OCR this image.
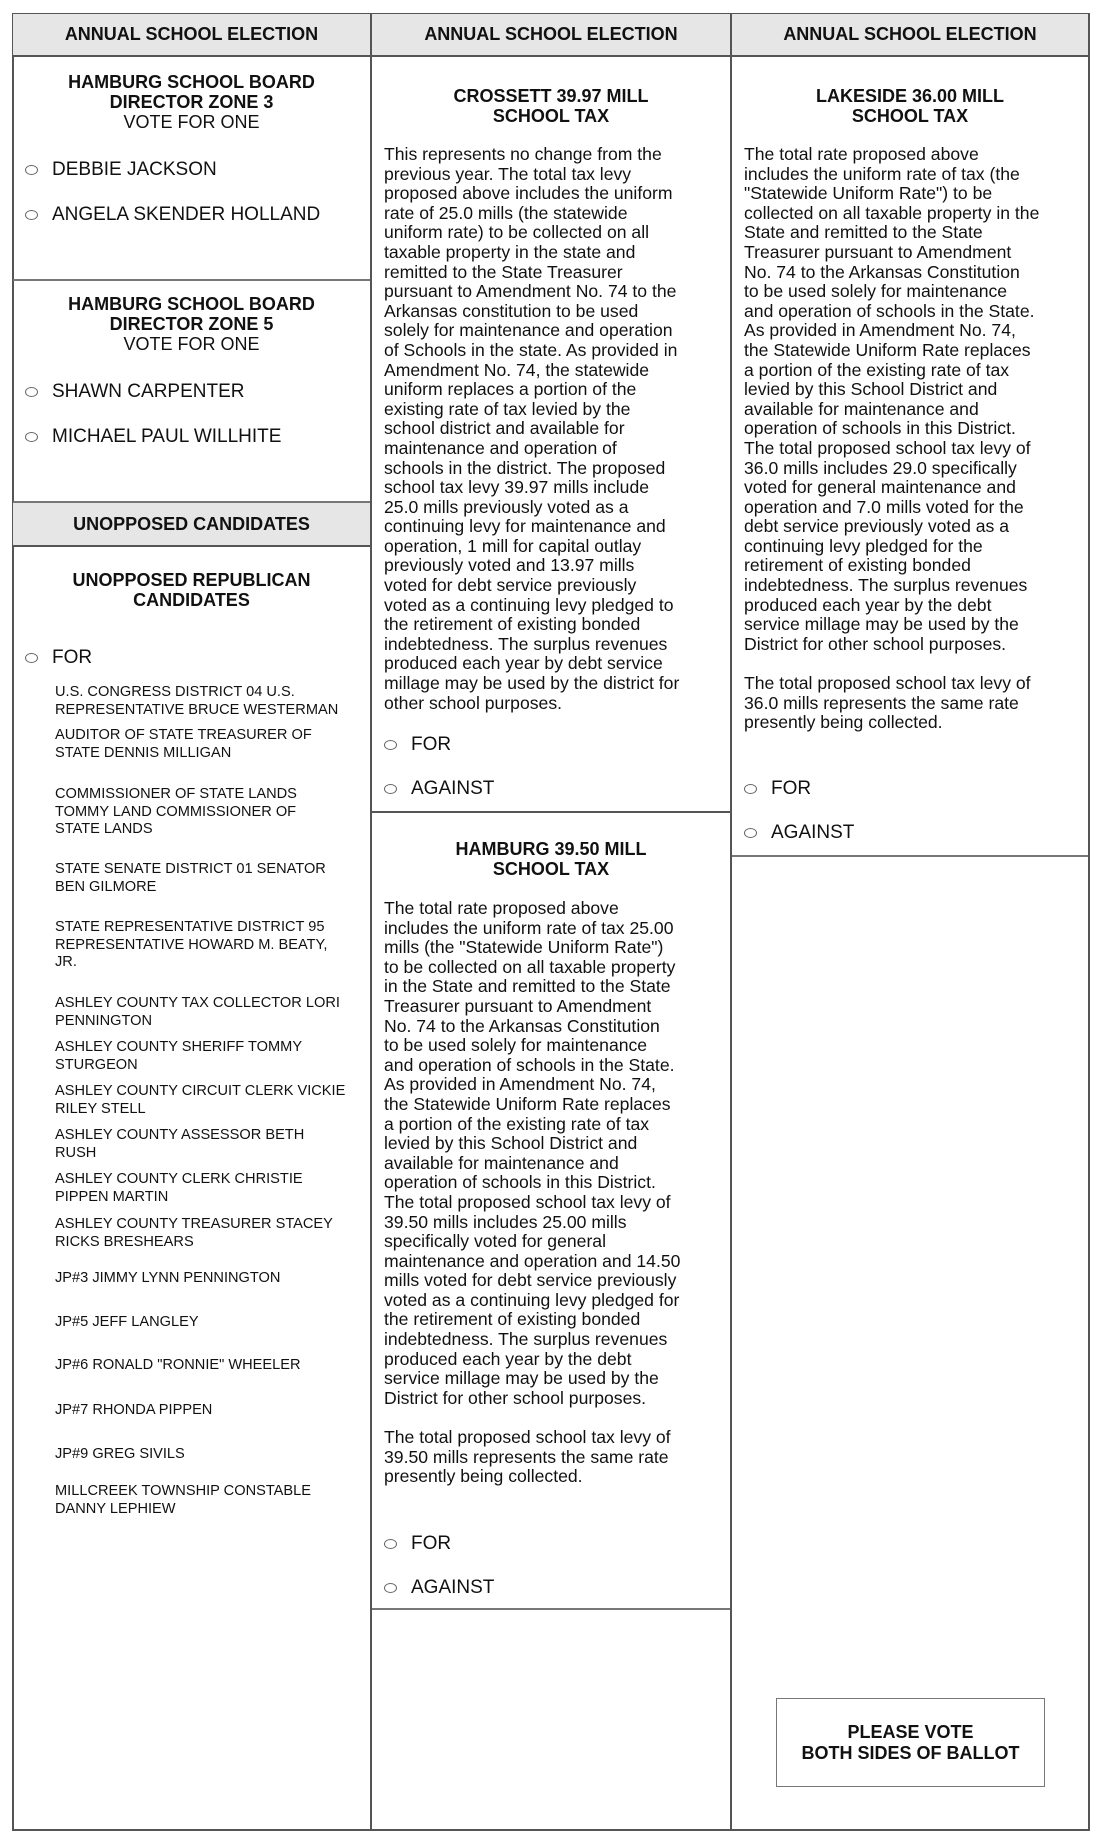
ANNUAL SCHOOL ELECTION	ANNUAL SCHOOL ELECTION	ANNUAL SCHOOL ELECTION
HAMBURG SCHOOL BOARD
DIRECTOR ZONE 3
VOTE FOR ONE
DEBBIE JACKSON
ANGELA SKENDER HOLLAND
HAMBURG SCHOOL BOARD
DIRECTOR ZONE 5
VOTE FOR ONE
SHAWN CARPENTER
MICHAEL PAUL WILLHITE
UNOPPOSED CANDIDATES
UNOPPOSED REPUBLICAN
CANDIDATES
FOR
U.S. CONGRESS DISTRICT 04 U.S.
REPRESENTATIVE BRUCE WESTERMAN
AUDITOR OF STATE TREASURER OF
STATE DENNIS MILLIGAN
COMMISSIONER OF STATE LANDS
TOMMY LAND COMMISSIONER OF
STATE LANDS
STATE SENATE DISTRICT 01 SENATOR
BEN GILMORE
STATE REPRESENTATIVE DISTRICT 95
REPRESENTATIVE HOWARD M. BEATY,
JR.
ASHLEY COUNTY TAX COLLECTOR LORI
PENNINGTON
ASHLEY COUNTY SHERIFF TOMMY
STURGEON
ASHLEY COUNTY CIRCUIT CLERK VICKIE
RILEY STELL
ASHLEY COUNTY ASSESSOR BETH
RUSH
ASHLEY COUNTY CLERK CHRISTIE
PIPPEN MARTIN
ASHLEY COUNTY TREASURER STACEY
RICKS BRESHEARS
JP#3 JIMMY LYNN PENNINGTON
JP#5 JEFF LANGLEY
JP#6 RONALD "RONNIE" WHEELER
JP#7 RHONDA PIPPEN
JP#9 GREG SIVILS
MILLCREEK TOWNSHIP CONSTABLE
DANNY LEPHIEW
CROSSETT 39.97 MILL
SCHOOL TAX
This represents no change from the
previous year. The total tax levy
proposed above includes the uniform
rate of 25.0 mills (the statewide
uniform rate) to be collected on all
taxable property in the state and
remitted to the State Treasurer
pursuant to Amendment No. 74 to the
Arkansas constitution to be used
solely for maintenance and operation
of Schools in the state. As provided in
Amendment No. 74, the statewide
uniform replaces a portion of the
existing rate of tax levied by the
school district and available for
maintenance and operation of
schools in the district. The proposed
school tax levy 39.97 mills include
25.0 mills previously voted as a
continuing levy for maintenance and
operation, 1 mill for capital outlay
previously voted and 13.97 mills
voted for debt service previously
voted as a continuing levy pledged to
the retirement of existing bonded
indebtedness. The surplus revenues
produced each year by debt service
millage may be used by the district for
other school purposes.
FOR
AGAINST
HAMBURG 39.50 MILL
SCHOOL TAX
The total rate proposed above
includes the uniform rate of tax 25.00
mills (the "Statewide Uniform Rate")
to be collected on all taxable property
in the State and remitted to the State
Treasurer pursuant to Amendment
No. 74 to the Arkansas Constitution
to be used solely for maintenance
and operation of schools in the State.
As provided in Amendment No. 74,
the Statewide Uniform Rate replaces
a portion of the existing rate of tax
levied by this School District and
available for maintenance and
operation of schools in this District.
The total proposed school tax levy of
39.50 mills includes 25.00 mills
specifically voted for general
maintenance and operation and 14.50
mills voted for debt service previously
voted as a continuing levy pledged for
the retirement of existing bonded
indebtedness. The surplus revenues
produced each year by the debt
service millage may be used by the
District for other school purposes.

The total proposed school tax levy of
39.50 mills represents the same rate
presently being collected.
FOR
AGAINST
LAKESIDE 36.00 MILL
SCHOOL TAX
The total rate proposed above
includes the uniform rate of tax (the
"Statewide Uniform Rate") to be
collected on all taxable property in the
State and remitted to the State
Treasurer pursuant to Amendment
No. 74 to the Arkansas Constitution
to be used solely for maintenance
and operation of schools in the State.
As provided in Amendment No. 74,
the Statewide Uniform Rate replaces
a portion of the existing rate of tax
levied by this School District and
available for maintenance and
operation of schools in this District.
The total proposed school tax levy of
36.0 mills includes 29.0 specifically
voted for general maintenance and
operation and 7.0 mills voted for the
debt service previously voted as a
continuing levy pledged for the
retirement of existing bonded
indebtedness. The surplus revenues
produced each year by the debt
service millage may be used by the
District for other school purposes.

The total proposed school tax levy of
36.0 mills represents the same rate
presently being collected.
FOR
AGAINST
PLEASE VOTE
BOTH SIDES OF BALLOT
